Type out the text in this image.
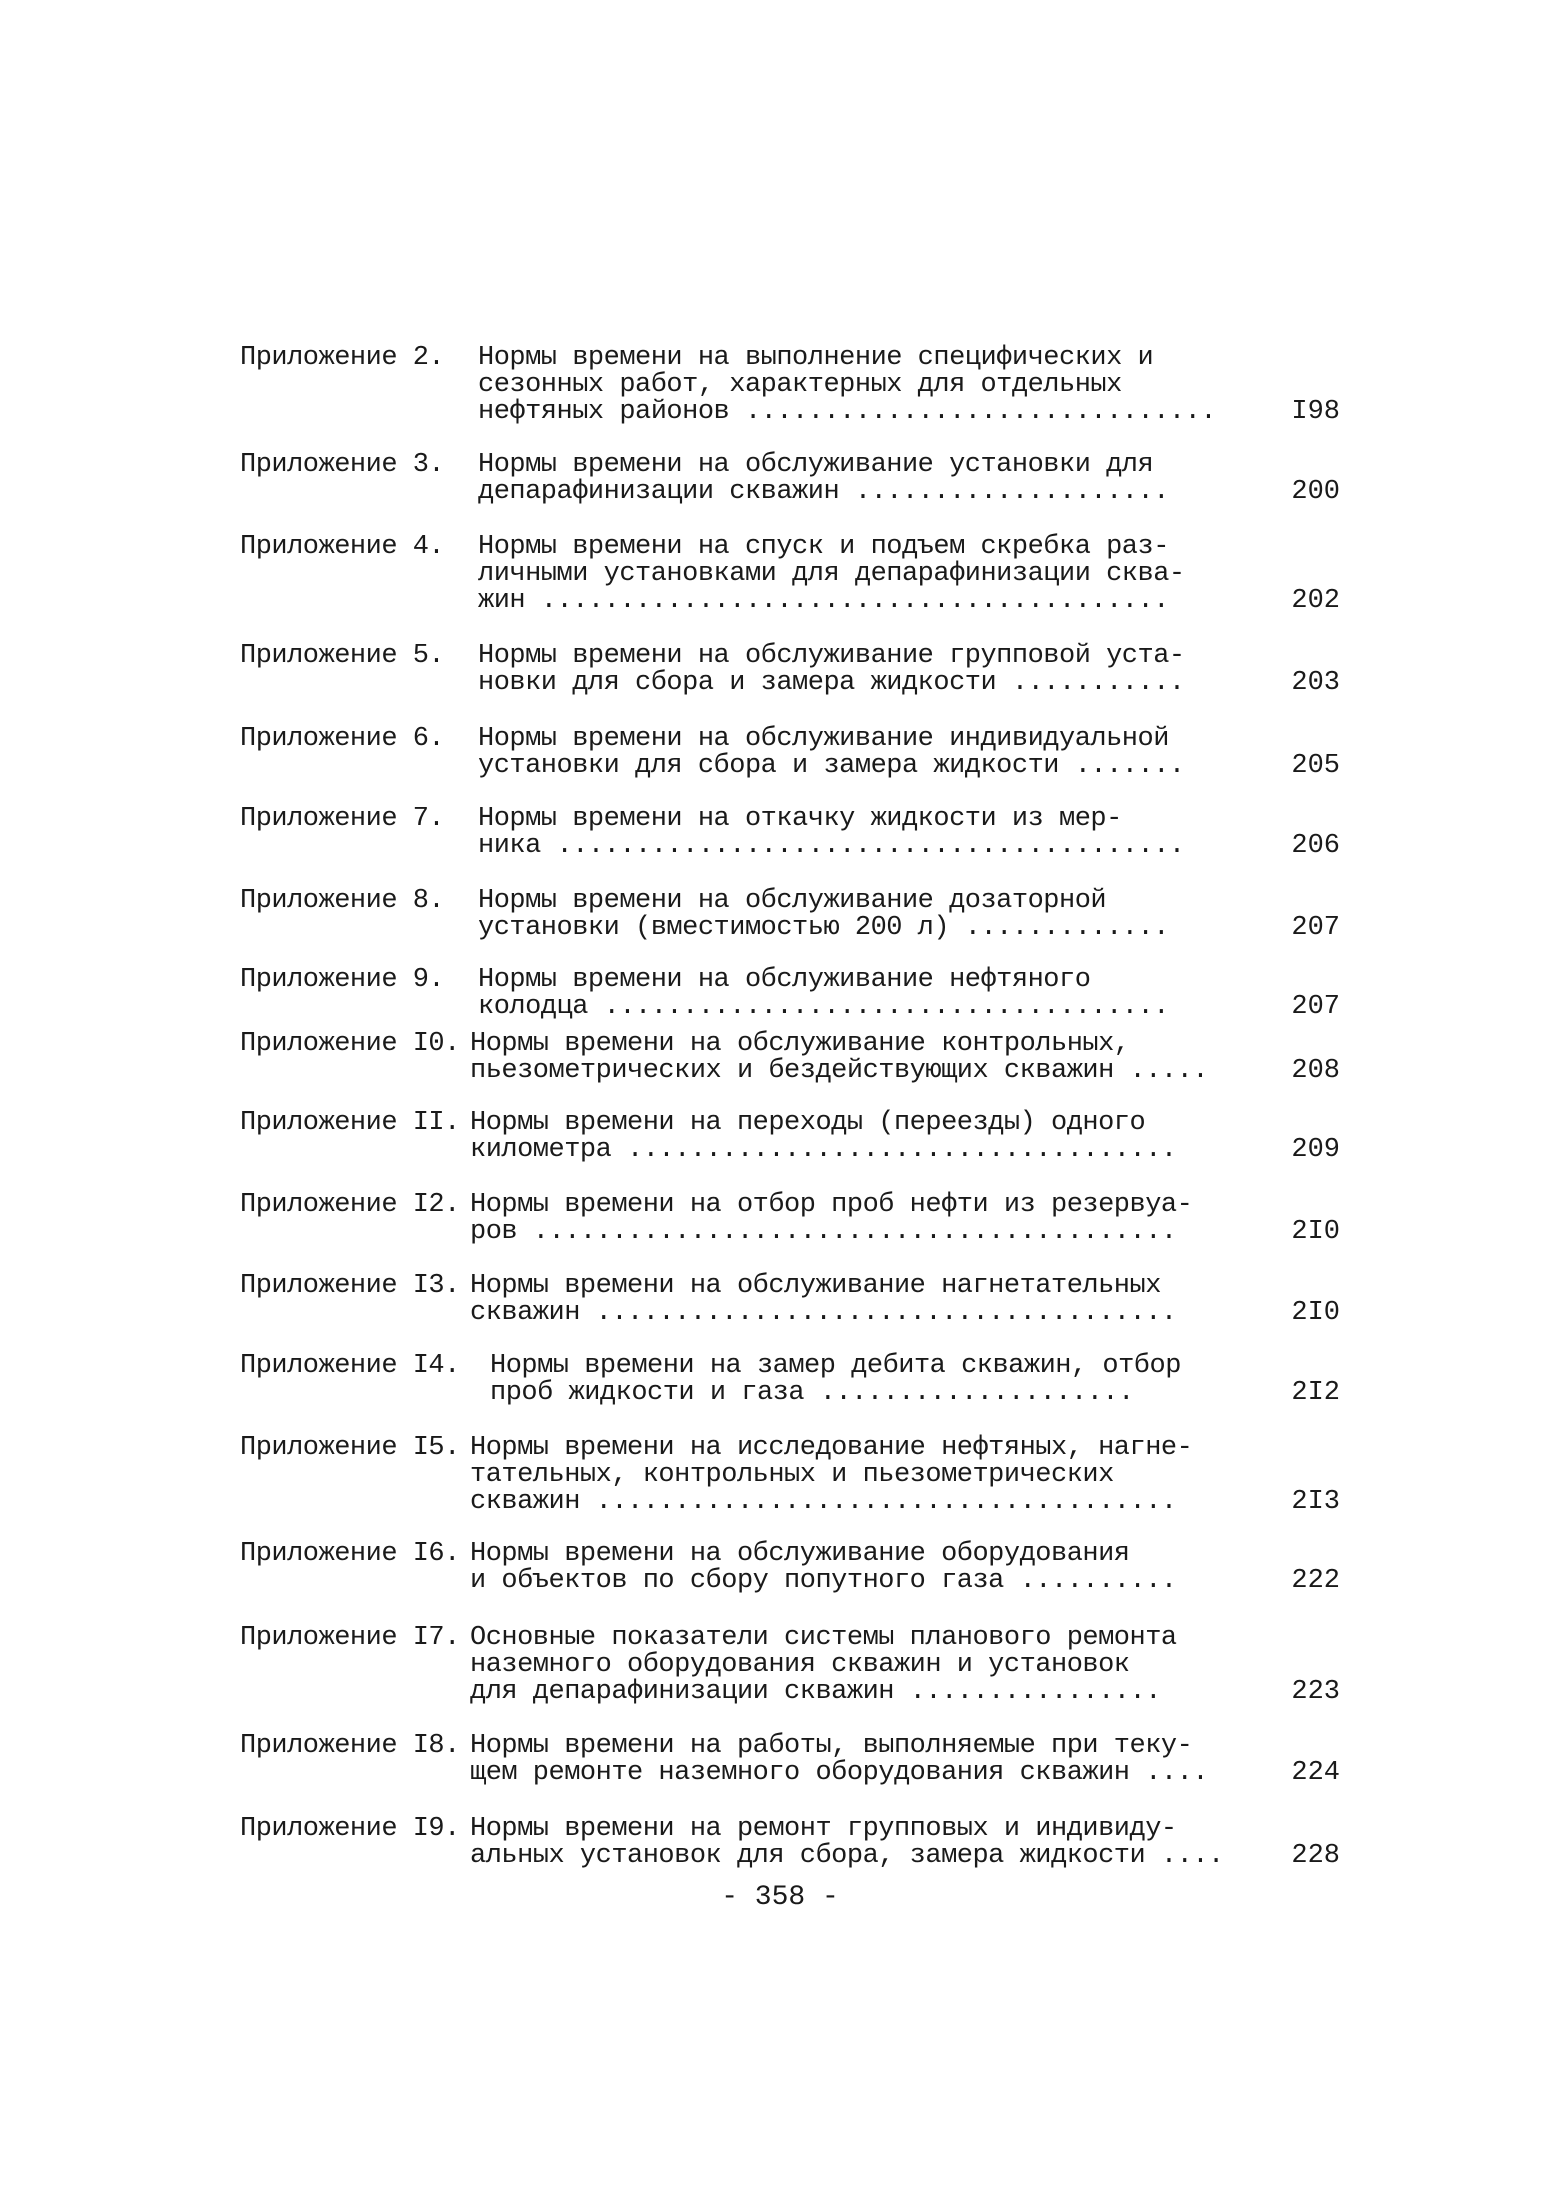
Приложение 2. Нормы времени на выполнение специфических и
сезонных работ, характерных для отдельных
нефтяных районов ..............................	I98
Приложение 3. Нормы времени на обслуживание установки для
депарафинизации скважин ....................	200
Приложение 4. Нормы времени на спуск и подъем скребка раз-
личными установками для депарафинизации сква-
жин ........................................	202
Приложение 5. Нормы времени на обслуживание групповой уста-
новки для сбора и замера жидкости ...........	203
Приложение 6. Нормы времени на обслуживание индивидуальной
установки для сбора и замера жидкости .......	205
Приложение 7. Нормы времени на откачку жидкости из мер-
ника ........................................	206
Приложение 8. Нормы времени на обслуживание дозаторной
установки (вместимостью 200 л) .............	207
Приложение 9. Нормы времени на обслуживание нефтяного
колодца ....................................	207
Приложение I0. Нормы времени на обслуживание контрольных,
пьезометрических и бездействующих скважин .....	208
Приложение II. Нормы времени на переходы (переезды) одного
километра ...................................	209
Приложение I2. Нормы времени на отбор проб нефти из резервуа-
ров .........................................	2I0
Приложение I3. Нормы времени на обслуживание нагнетательных
скважин .....................................	2I0
Приложение I4. Нормы времени на замер дебита скважин, отбор
проб жидкости и газа ....................	2I2
Приложение I5. Нормы времени на исследование нефтяных, нагне-
тательных, контрольных и пьезометрических
скважин .....................................	2I3
Приложение I6. Нормы времени на обслуживание оборудования
и объектов по сбору попутного газа ..........	222
Приложение I7. Основные показатели системы планового ремонта
наземного оборудования скважин и установок
для депарафинизации скважин ................	223
Приложение I8. Нормы времени на работы, выполняемые при теку-
щем ремонте наземного оборудования скважин ....	224
Приложение I9. Нормы времени на ремонт групповых и индивиду-
альных установок для сбора, замера жидкости ....	228
- 358 -
